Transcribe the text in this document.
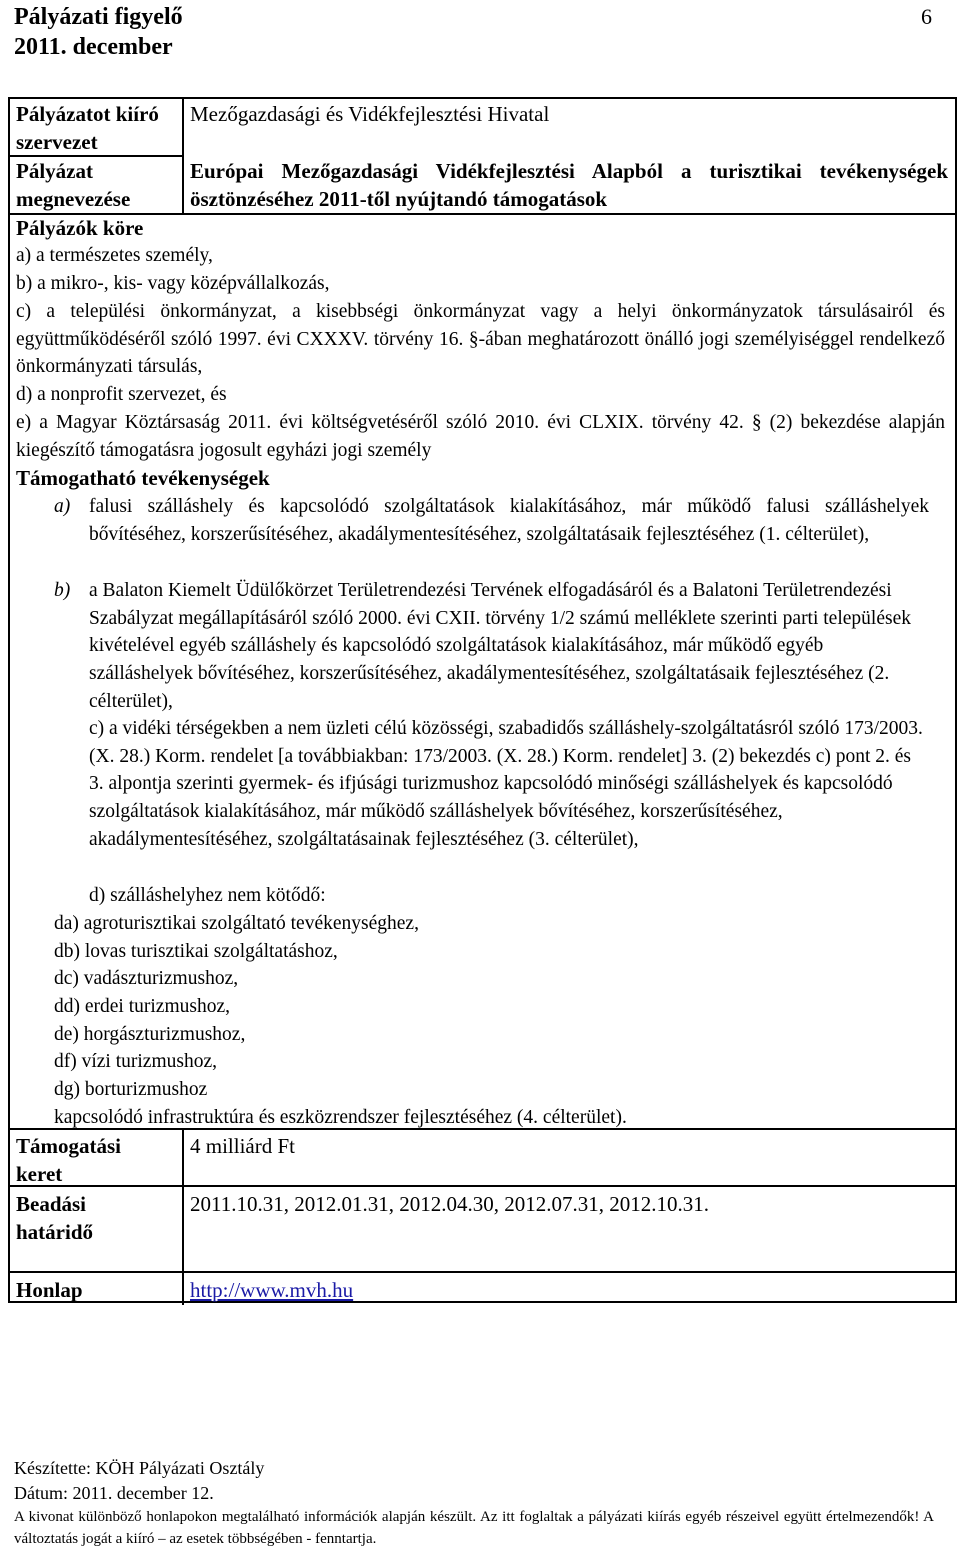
Pályázati figyelő
2011. december
6
Pályázatot kiíró szervezet
Mezőgazdasági és Vidékfejlesztési Hivatal
Pályázat megnevezése
Európai Mezőgazdasági Vidékfejlesztési Alapból a turisztikai tevékenységek ösztönzéséhez 2011-től nyújtandó támogatások
Pályázók köre
a) a természetes személy,
b) a mikro-, kis- vagy középvállalkozás,
c) a települési önkormányzat, a kisebbségi önkormányzat vagy a helyi önkormányzatok társulásairól és együttműködéséről szóló 1997. évi CXXXV. törvény 16. §-ában meghatározott önálló jogi személyiséggel rendelkező önkormányzati társulás,
d) a nonprofit szervezet, és
e) a Magyar Köztársaság 2011. évi költségvetéséről szóló 2010. évi CLXIX. törvény 42. § (2) bekezdése alapján kiegészítő támogatásra jogosult egyházi jogi személy
Támogatható tevékenységek
a) falusi szálláshely és kapcsolódó szolgáltatások kialakításához, már működő falusi szálláshelyek bővítéséhez, korszerűsítéséhez, akadálymentesítéséhez, szolgáltatásaik fejlesztéséhez (1. célterület),
b) a Balaton Kiemelt Üdülőkörzet Területrendezési Tervének elfogadásáról és a Balatoni Területrendezési Szabályzat megállapításáról szóló 2000. évi CXII. törvény 1/2 számú melléklete szerinti parti települések kivételével egyéb szálláshely és kapcsolódó szolgáltatások kialakításához, már működő egyéb szálláshelyek bővítéséhez, korszerűsítéséhez, akadálymentesítéséhez, szolgáltatásaik fejlesztéséhez (2. célterület),
c) a vidéki térségekben a nem üzleti célú közösségi, szabadidős szálláshely-szolgáltatásról szóló 173/2003. (X. 28.) Korm. rendelet [a továbbiakban: 173/2003. (X. 28.) Korm. rendelet] 3. (2) bekezdés c) pont 2. és 3. alpontja szerinti gyermek- és ifjúsági turizmushoz kapcsolódó minőségi szálláshelyek és kapcsolódó szolgáltatások kialakításához, már működő szálláshelyek bővítéséhez, korszerűsítéséhez, akadálymentesítéséhez, szolgáltatásainak fejlesztéséhez (3. célterület),
d) szálláshelyhez nem kötődő:
da) agroturisztikai szolgáltató tevékenységhez,
db) lovas turisztikai szolgáltatáshoz,
dc) vadászturizmushoz,
dd) erdei turizmushoz,
de) horgászturizmushoz,
df) vízi turizmushoz,
dg) borturizmushoz
kapcsolódó infrastruktúra és eszközrendszer fejlesztéséhez (4. célterület).
Támogatási keret
4 milliárd Ft
Beadási határidő
2011.10.31, 2012.01.31, 2012.04.30, 2012.07.31, 2012.10.31.
Honlap	http://www.mvh.hu
Készítette: KÖH Pályázati Osztály
Dátum: 2011. december 12.
A kivonat különböző honlapokon megtalálható információk alapján készült. Az itt foglaltak a pályázati kiírás egyéb részeivel együtt értelmezendők! A változtatás jogát a kiíró – az esetek többségében - fenntartja.
